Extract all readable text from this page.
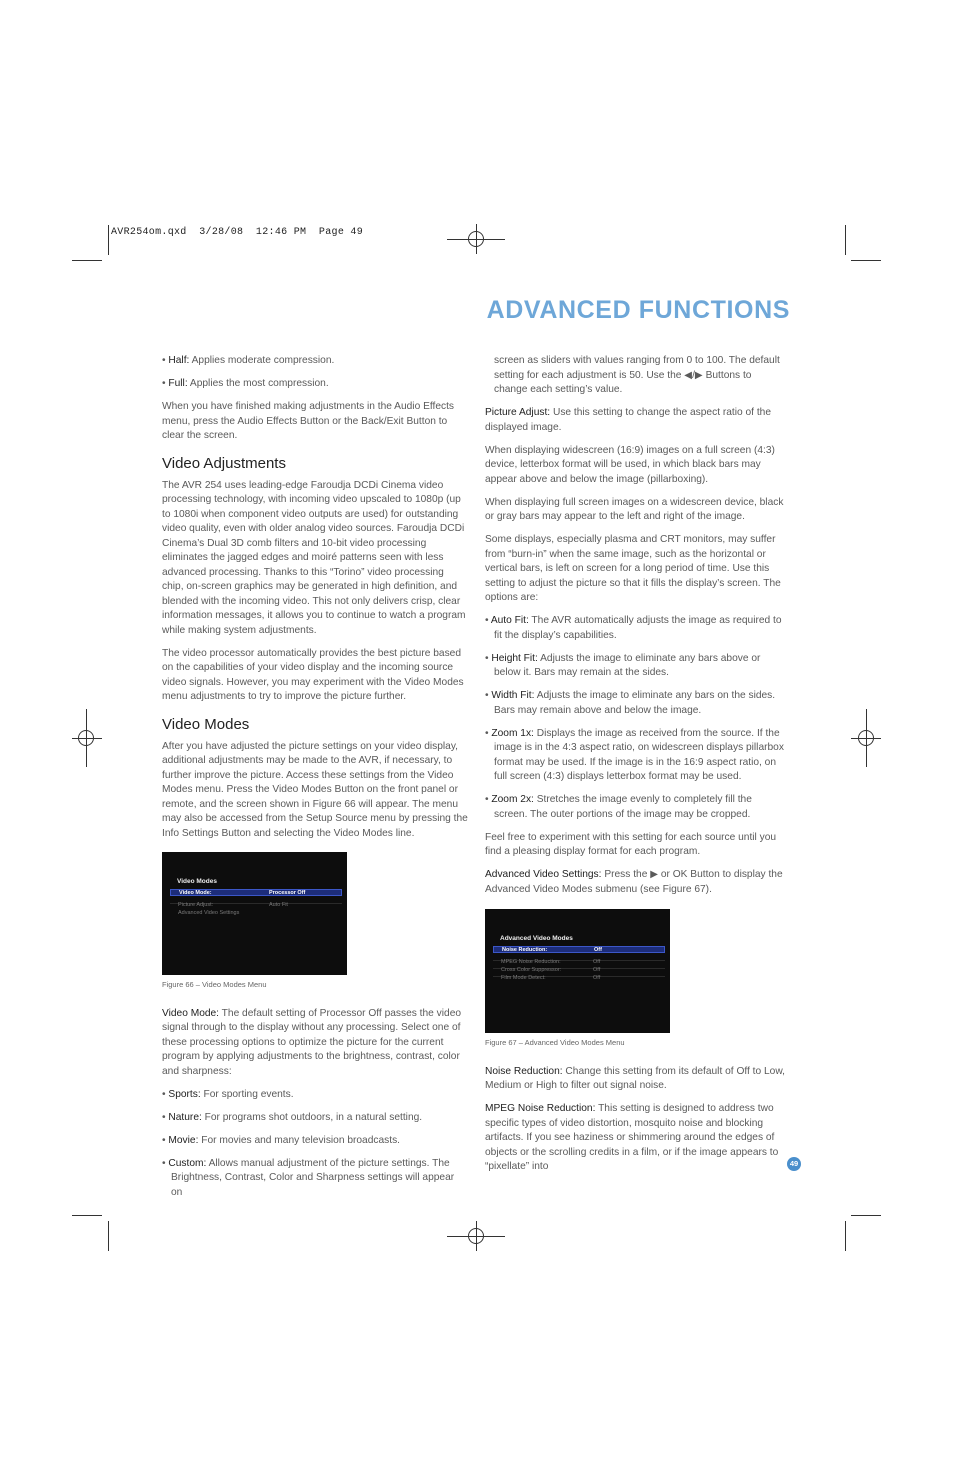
AVR254om.qxd  3/28/08  12:46 PM  Page 49
ADVANCED FUNCTIONS

• Half: Applies moderate compression.

• Full: Applies the most compression.

When you have finished making adjustments in the Audio Effects menu, press the Audio Effects Button or the Back/Exit Button to clear the screen.

Video Adjustments

The AVR 254 uses leading-edge Faroudja DCDi Cinema video processing technology, with incoming video upscaled to 1080p (up to 1080i when component video outputs are used) for outstanding video quality, even with older analog video sources. Faroudja DCDi Cinema’s Dual 3D comb filters and 10-bit video processing eliminates the jagged edges and moiré patterns seen with less advanced processing. Thanks to this “Torino” video processing chip, on-screen graphics may be generated in high definition, and blended with the incoming video. This not only delivers crisp, clear information messages, it allows you to continue to watch a program while making system adjustments.

The video processor automatically provides the best picture based on the capabilities of your video display and the incoming source video signals. However, you may experiment with the Video Modes menu adjustments to try to improve the picture further.

Video Modes

After you have adjusted the picture settings on your video display, additional adjustments may be made to the AVR, if necessary, to further improve the picture. Access these settings from the Video Modes menu. Press the Video Modes Button on the front panel or remote, and the screen shown in Figure 66 will appear. The menu may also be accessed from the Setup Source menu by pressing the Info Settings Button and selecting the Video Modes line.

Video Modes
Video Mode:	Processor Off
Picture Adjust:	Auto Fit
Advanced Video Settings
Figure 66 – Video Modes Menu

Video Mode: The default setting of Processor Off passes the video signal through to the display without any processing. Select one of these processing options to optimize the picture for the current program by applying adjustments to the brightness, contrast, color and sharpness:

• Sports: For sporting events.

• Nature: For programs shot outdoors, in a natural setting.

• Movie: For movies and many television broadcasts.

• Custom: Allows manual adjustment of the picture settings. The Brightness, Contrast, Color and Sharpness settings will appear on

screen as sliders with values ranging from 0 to 100. The default setting for each adjustment is 50. Use the ◀/▶ Buttons to change each setting’s value.

Picture Adjust: Use this setting to change the aspect ratio of the displayed image.

When displaying widescreen (16:9) images on a full screen (4:3) device, letterbox format will be used, in which black bars may appear above and below the image (pillarboxing).

When displaying full screen images on a widescreen device, black or gray bars may appear to the left and right of the image.

Some displays, especially plasma and CRT monitors, may suffer from “burn-in” when the same image, such as the horizontal or vertical bars, is left on screen for a long period of time. Use this setting to adjust the picture so that it fills the display’s screen. The options are:

• Auto Fit: The AVR automatically adjusts the image as required to fit the display’s capabilities.

• Height Fit: Adjusts the image to eliminate any bars above or below it. Bars may remain at the sides.

• Width Fit: Adjusts the image to eliminate any bars on the sides. Bars may remain above and below the image.

• Zoom 1x: Displays the image as received from the source. If the image is in the 4:3 aspect ratio, on widescreen displays pillarbox format may be used. If the image is in the 16:9 aspect ratio, on full screen (4:3) displays letterbox format may be used.

• Zoom 2x: Stretches the image evenly to completely fill the screen. The outer portions of the image may be cropped.

Feel free to experiment with this setting for each source until you find a pleasing display format for each program.

Advanced Video Settings: Press the ▶ or OK Button to display the Advanced Video Modes submenu (see Figure 67).

Advanced Video Modes
Noise Reduction:	Off
MPEG Noise Reduction:	Off
Cross Color Suppressor:	Off
Film Mode Detect:	Off
Figure 67 – Advanced Video Modes Menu

Noise Reduction: Change this setting from its default of Off to Low, Medium or High to filter out signal noise.

MPEG Noise Reduction: This setting is designed to address two specific types of video distortion, mosquito noise and blocking artifacts. If you see haziness or shimmering around the edges of objects or the scrolling credits in a film, or if the image appears to “pixellate” into	49
